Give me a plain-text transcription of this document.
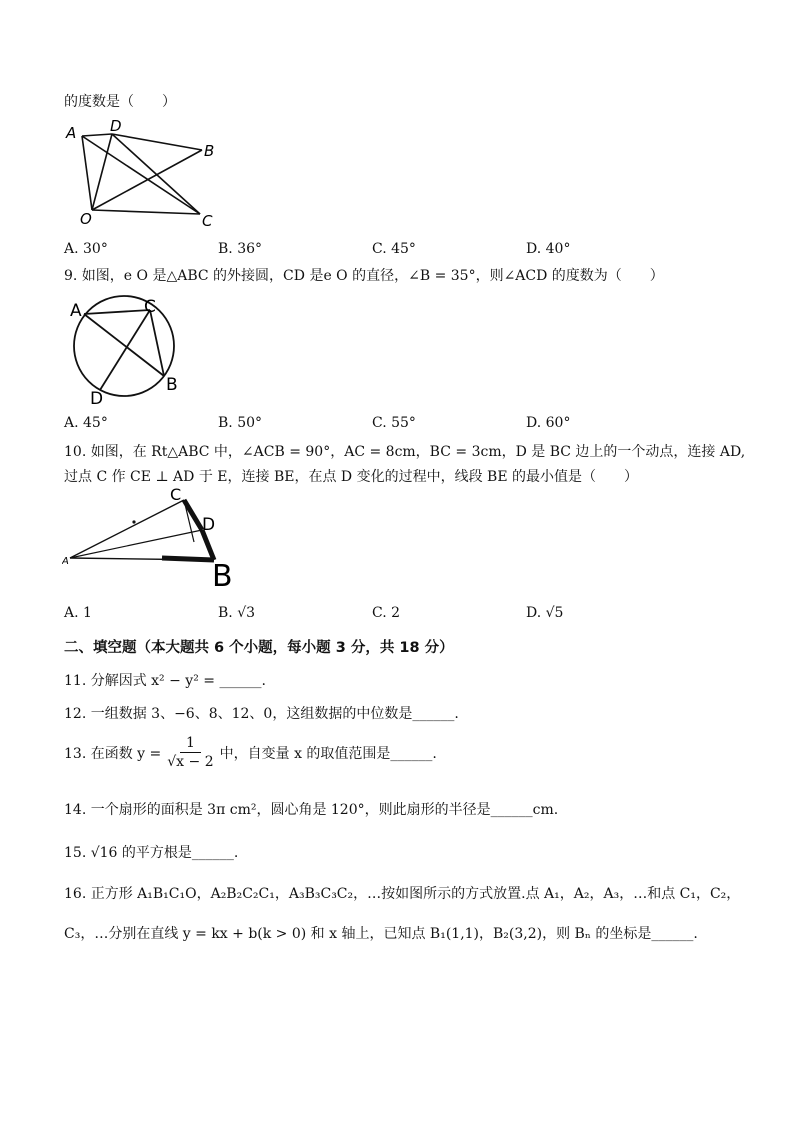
的度数是（　　）
A D
B
O	C
A. 30°	B. 36°	C. 45°	D. 40°
9. 如图，e O 是△ABC 的外接圆，CD 是e O 的直径，∠B = 35°，则∠ACD 的度数为（　　）
A	C
B
D
A. 45°	B. 50°	C. 55°	D. 60°
10. 如图，在 Rt△ABC 中，∠ACB = 90°，AC = 8cm，BC = 3cm，D 是 BC 边上的一个动点，连接 AD,
过点 C 作 CE ⊥ AD 于 E，连接 BE，在点 D 变化的过程中，线段 BE 的最小值是（　　）
A
C
D
B
A. 1	B. √3	C. 2	D. √5
二、填空题（本大题共 6 个小题，每小题 3 分，共 18 分）
11. 分解因式 x² − y² = ______.
12. 一组数据 3、−6、8、12、0，这组数据的中位数是______.
13. 在函数 $y = \frac{1}{√x - 2}$ 中，自变量 x 的取值范围是______.
14. 一个扇形的面积是 3π cm²，圆心角是 120°，则此扇形的半径是______cm.
15. √16 的平方根是______.
16. 正方形 A₁B₁C₁O，A₂B₂C₂C₁，A₃B₃C₃C₂，…按如图所示的方式放置.点 A₁，A₂，A₃，…和点 C₁，C₂，
C₃，…分别在直线 y = kx + b(k > 0) 和 x 轴上，已知点 B₁(1,1)，B₂(3,2)，则 Bₙ 的坐标是______.
